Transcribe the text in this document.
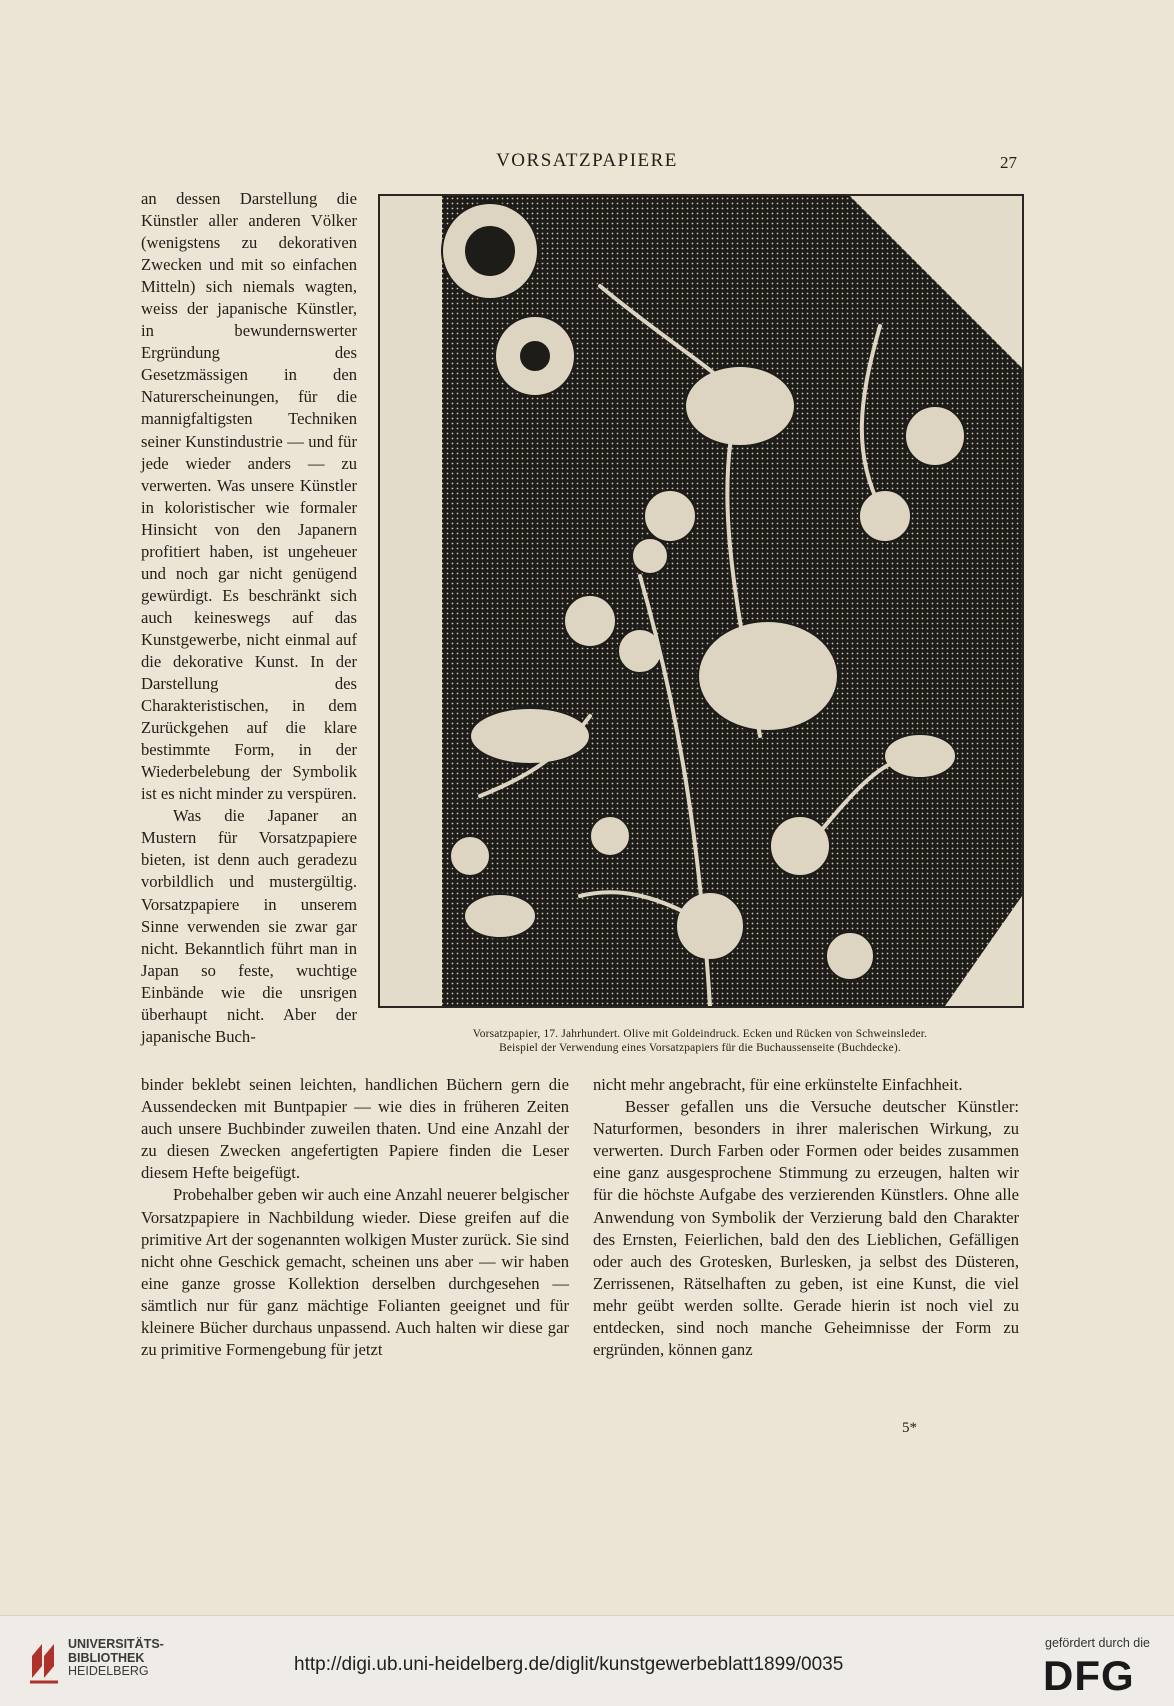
VORSATZPAPIERE	27

an dessen Darstellung die Künstler aller anderen Völker (wenigstens zu dekorativen Zwecken und mit so einfachen Mitteln) sich niemals wagten, weiss der japanische Künstler, in bewundernswerter Ergründung des Gesetzmässigen in den Naturerscheinungen, für die mannigfaltigsten Techniken seiner Kunstindustrie — und für jede wieder anders — zu verwerten. Was unsere Künstler in koloristischer wie formaler Hinsicht von den Japanern profitiert haben, ist ungeheuer und noch gar nicht genügend gewürdigt. Es beschränkt sich auch keineswegs auf das Kunstgewerbe, nicht einmal auf die dekorative Kunst. In der Darstellung des Charakteristischen, in dem Zurückgehen auf die klare bestimmte Form, in der Wiederbelebung der Symbolik ist es nicht minder zu verspüren.

Was die Japaner an Mustern für Vorsatzpapiere bieten, ist denn auch geradezu vorbildlich und mustergültig. Vorsatzpapiere in unserem Sinne verwenden sie zwar gar nicht. Bekanntlich führt man in Japan so feste, wuchtige Einbände wie die unsrigen überhaupt nicht. Aber der japanische Buch-	Vorsatzpapier, 17. Jahrhundert. Olive mit Goldeindruck. Ecken und Rücken von Schweinsleder.
Beispiel der Verwendung eines Vorsatzpapiers für die Buchaussenseite (Buchdecke).

binder beklebt seinen leichten, handlichen Büchern gern die Aussendecken mit Buntpapier — wie dies in früheren Zeiten auch unsere Buchbinder zuweilen thaten. Und eine Anzahl der zu diesen Zwecken angefertigten Papiere finden die Leser diesem Hefte beigefügt.

Probehalber geben wir auch eine Anzahl neuerer belgischer Vorsatzpapiere in Nachbildung wieder. Diese greifen auf die primitive Art der sogenannten wolkigen Muster zurück. Sie sind nicht ohne Geschick gemacht, scheinen uns aber — wir haben eine ganze grosse Kollektion derselben durchgesehen — sämtlich nur für ganz mächtige Folianten geeignet und für kleinere Bücher durchaus unpassend. Auch halten wir diese gar zu primitive Formengebung für jetzt

nicht mehr angebracht, für eine erkünstelte Einfachheit.

Besser gefallen uns die Versuche deutscher Künstler: Naturformen, besonders in ihrer malerischen Wirkung, zu verwerten. Durch Farben oder Formen oder beides zusammen eine ganz ausgesprochene Stimmung zu erzeugen, halten wir für die höchste Aufgabe des verzierenden Künstlers. Ohne alle Anwendung von Symbolik der Verzierung bald den Charakter des Ernsten, Feierlichen, bald den des Lieblichen, Gefälligen oder auch des Grotesken, Burlesken, ja selbst des Düsteren, Zerrissenen, Rätselhaften zu geben, ist eine Kunst, die viel mehr geübt werden sollte. Gerade hierin ist noch viel zu entdecken, sind noch manche Geheimnisse der Form zu ergründen, können ganz

5*
UNIVERSITÄTS-
BIBLIOTHEK
HEIDELBERG	http://digi.ub.uni-heidelberg.de/diglit/kunstgewerbeblatt1899/0035
gefördert durch die
DFG
